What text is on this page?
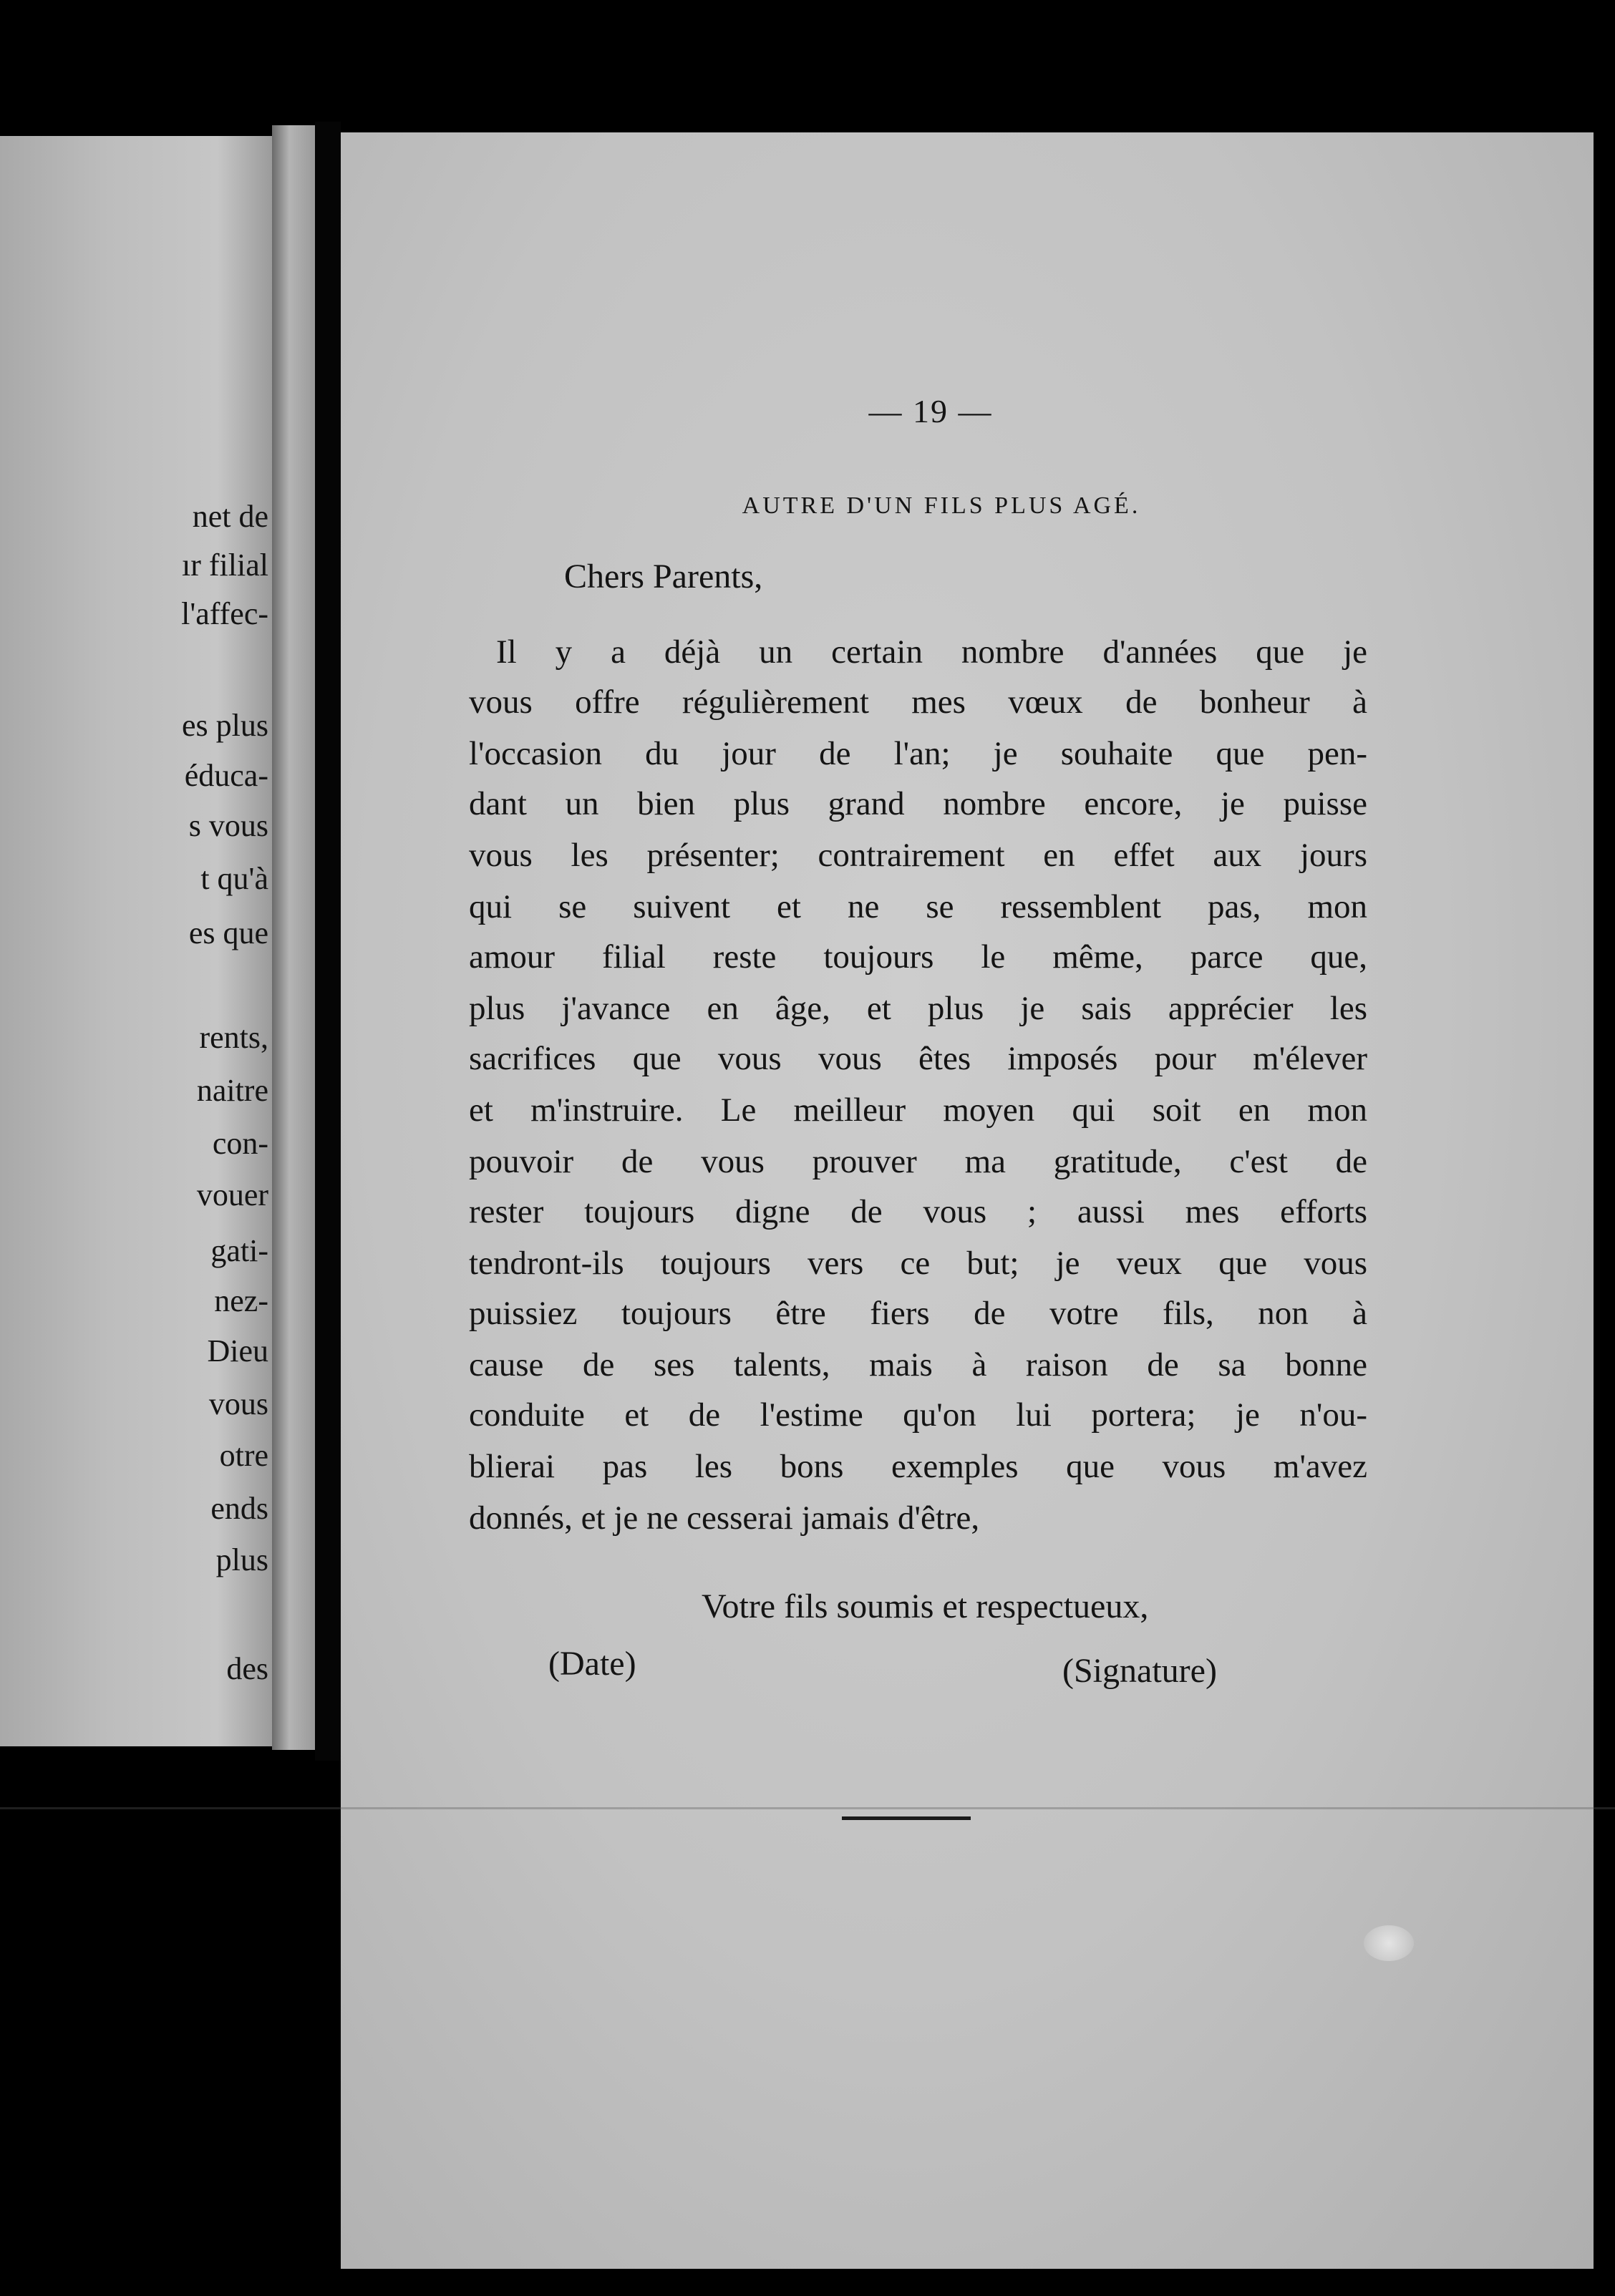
net de
ır filial
l'affec-
es plus
éduca-
s vous
t qu'à
es que
rents,
naitre
con-
vouer
gati-
nez-
Dieu
vous
otre
ends
plus
des
— 19 —
AUTRE D'UN FILS PLUS AGÉ.
Chers Parents,
Il y a déjà un certain nombre d'années que je
vous offre régulièrement mes vœux de bonheur à
l'occasion du jour de l'an; je souhaite que pen-
dant un bien plus grand nombre encore, je puisse
vous les présenter; contrairement en effet aux jours
qui se suivent et ne se ressemblent pas, mon
amour filial reste toujours le même, parce que,
plus j'avance en âge, et plus je sais apprécier les
sacrifices que vous vous êtes imposés pour m'élever
et m'instruire. Le meilleur moyen qui soit en mon
pouvoir de vous prouver ma gratitude, c'est de
rester toujours digne de vous ; aussi mes efforts
tendront-ils toujours vers ce but; je veux que vous
puissiez toujours être fiers de votre fils, non à
cause de ses talents, mais à raison de sa bonne
conduite et de l'estime qu'on lui portera; je n'ou-
blierai pas les bons exemples que vous m'avez
donnés, et je ne cesserai jamais d'être,
Votre fils soumis et respectueux,
(Date)	(Signature)
